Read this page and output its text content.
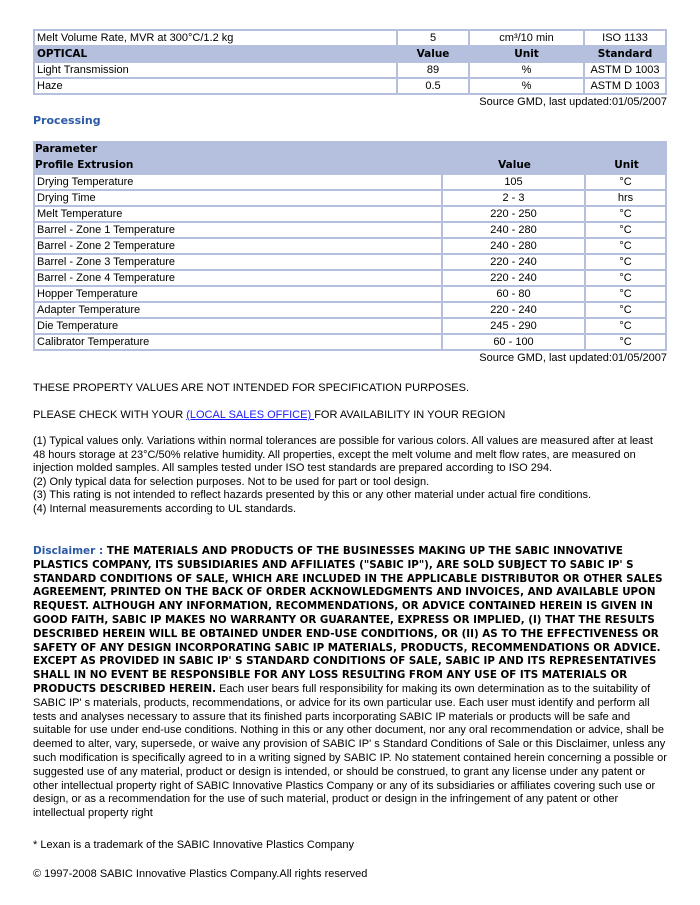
Melt Volume Rate, MVR at 300°C/1.2 kg	5	cm³/10 min	ISO 1133
OPTICAL	Value	Unit	Standard
Light Transmission	89	%	ASTM D 1003
Haze	0.5	%	ASTM D 1003
Source GMD, last updated:01/05/2007
Processing
Parameter		
Profile Extrusion	Value	Unit
Drying Temperature	105	°C
Drying Time	2 - 3	hrs
Melt Temperature	220 - 250	°C
Barrel - Zone 1 Temperature	240 - 280	°C
Barrel - Zone 2 Temperature	240 - 280	°C
Barrel - Zone 3 Temperature	220 - 240	°C
Barrel - Zone 4 Temperature	220 - 240	°C
Hopper Temperature	60 - 80	°C
Adapter Temperature	220 - 240	°C
Die Temperature	245 - 290	°C
Calibrator Temperature	60 - 100	°C
Source GMD, last updated:01/05/2007

THESE PROPERTY VALUES ARE NOT INTENDED FOR SPECIFICATION PURPOSES.

PLEASE CHECK WITH YOUR (LOCAL SALES OFFICE) FOR AVAILABILITY IN YOUR REGION

(1) Typical values only. Variations within normal tolerances are possible for various colors. All values are measured after at least 48 hours storage at 23°C/50% relative humidity. All properties, except the melt volume and melt flow rates, are measured on injection molded samples. All samples tested under ISO test standards are prepared according to ISO 294.
(2) Only typical data for selection purposes. Not to be used for part or tool design.
(3) This rating is not intended to reflect hazards presented by this or any other material under actual fire conditions.
(4) Internal measurements according to UL standards.
Disclaimer : THE MATERIALS AND PRODUCTS OF THE BUSINESSES MAKING UP THE SABIC INNOVATIVE PLASTICS COMPANY, ITS SUBSIDIARIES AND AFFILIATES ("SABIC IP"), ARE SOLD SUBJECT TO SABIC IP' S STANDARD CONDITIONS OF SALE, WHICH ARE INCLUDED IN THE APPLICABLE DISTRIBUTOR OR OTHER SALES AGREEMENT, PRINTED ON THE BACK OF ORDER ACKNOWLEDGMENTS AND INVOICES, AND AVAILABLE UPON REQUEST. ALTHOUGH ANY INFORMATION, RECOMMENDATIONS, OR ADVICE CONTAINED HEREIN IS GIVEN IN GOOD FAITH, SABIC IP MAKES NO WARRANTY OR GUARANTEE, EXPRESS OR IMPLIED, (I) THAT THE RESULTS DESCRIBED HEREIN WILL BE OBTAINED UNDER END-USE CONDITIONS, OR (II) AS TO THE EFFECTIVENESS OR SAFETY OF ANY DESIGN INCORPORATING SABIC IP MATERIALS, PRODUCTS, RECOMMENDATIONS OR ADVICE. EXCEPT AS PROVIDED IN SABIC IP' S STANDARD CONDITIONS OF SALE, SABIC IP AND ITS REPRESENTATIVES SHALL IN NO EVENT BE RESPONSIBLE FOR ANY LOSS RESULTING FROM ANY USE OF ITS MATERIALS OR PRODUCTS DESCRIBED HEREIN. Each user bears full responsibility for making its own determination as to the suitability of SABIC IP' s materials, products, recommendations, or advice for its own particular use. Each user must identify and perform all tests and analyses necessary to assure that its finished parts incorporating SABIC IP materials or products will be safe and suitable for use under end-use conditions. Nothing in this or any other document, nor any oral recommendation or advice, shall be deemed to alter, vary, supersede, or waive any provision of SABIC IP' s Standard Conditions of Sale or this Disclaimer, unless any such modification is specifically agreed to in a writing signed by SABIC IP. No statement contained herein concerning a possible or suggested use of any material, product or design is intended, or should be construed, to grant any license under any patent or other intellectual property right of SABIC Innovative Plastics Company or any of its subsidiaries or affiliates covering such use or design, or as a recommendation for the use of such material, product or design in the infringement of any patent or other intellectual property right
* Lexan is a trademark of the SABIC Innovative Plastics Company
© 1997-2008 SABIC Innovative Plastics Company.All rights reserved
